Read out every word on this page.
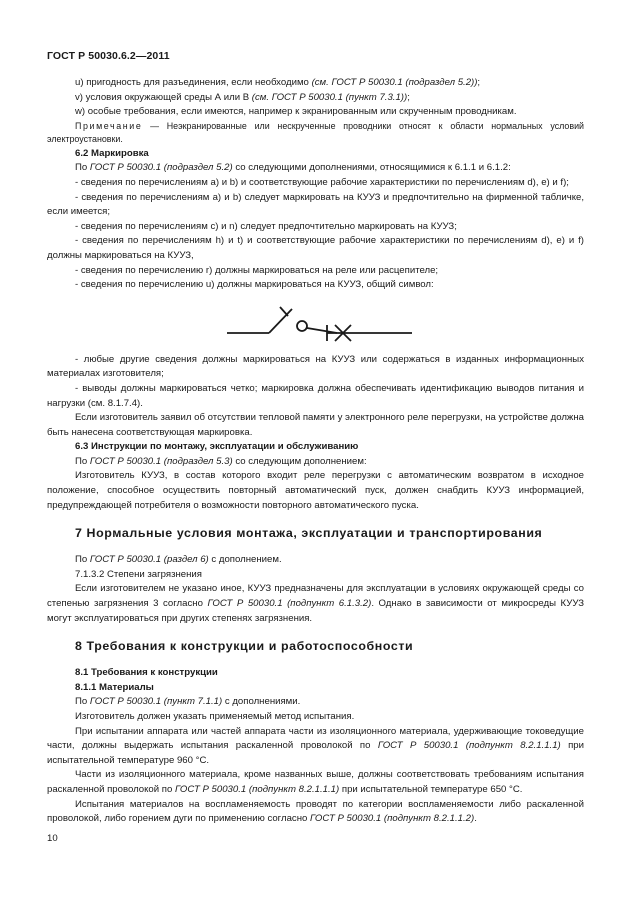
ГОСТ Р 50030.6.2—2011

u) пригодность для разъединения, если необходимо (см. ГОСТ Р 50030.1 (подраздел 5.2));

v) условия окружающей среды А или В (см. ГОСТ Р 50030.1 (пункт 7.3.1));

w) особые требования, если имеются, например к экранированным или скрученным проводникам.

Примечание — Неэкранированные или нескрученные проводники относят к области нормальных условий электроустановки.

6.2 Маркировка

По ГОСТ Р 50030.1 (подраздел 5.2) со следующими дополнениями, относящимися к 6.1.1 и 6.1.2:

- сведения по перечислениям а) и b) и соответствующие рабочие характеристики по перечислениям d), е) и f);

- сведения по перечислениям а) и b) следует маркировать на КУУЗ и предпочтительно на фирменной табличке, если имеется;

- сведения по перечислениям с) и n) следует предпочтительно маркировать на КУУЗ;

- сведения по перечислениям h) и t) и соответствующие рабочие характеристики по перечислениям d), е) и f) должны маркироваться на КУУЗ,

- сведения по перечислению r) должны маркироваться на реле или расцепителе;

- сведения по перечислению u) должны маркироваться на КУУЗ, общий символ:

- любые другие сведения должны маркироваться на КУУЗ или содержаться в изданных информационных материалах изготовителя;

- выводы должны маркироваться четко; маркировка должна обеспечивать идентификацию выводов питания и нагрузки (см. 8.1.7.4).

Если изготовитель заявил об отсутствии тепловой памяти у электронного реле перегрузки, на устройстве должна быть нанесена соответствующая маркировка.

6.3 Инструкции по монтажу, эксплуатации и обслуживанию

По ГОСТ Р 50030.1 (подраздел 5.3) со следующим дополнением:

Изготовитель КУУЗ, в состав которого входит реле перегрузки с автоматическим возвратом в исходное положение, способное осуществить повторный автоматический пуск, должен снабдить КУУЗ информацией, предупреждающей потребителя о возможности повторного автоматического пуска.

7 Нормальные условия монтажа, эксплуатации и транспортирования

По ГОСТ Р 50030.1 (раздел 6) с дополнением.

7.1.3.2 Степени загрязнения

Если изготовителем не указано иное, КУУЗ предназначены для эксплуатации в условиях окружающей среды со степенью загрязнения 3 согласно ГОСТ Р 50030.1 (подпункт 6.1.3.2). Однако в зависимости от микросреды КУУЗ могут эксплуатироваться при других степенях загрязнения.

8 Требования к конструкции и работоспособности

8.1 Требования к конструкции

8.1.1 Материалы

По ГОСТ Р 50030.1 (пункт 7.1.1) с дополнениями.

Изготовитель должен указать применяемый метод испытания.

При испытании аппарата или частей аппарата части из изоляционного материала, удерживающие токоведущие части, должны выдержать испытания раскаленной проволокой по ГОСТ Р 50030.1 (подпункт 8.2.1.1.1) при испытательной температуре 960 °С.

Части из изоляционного материала, кроме названных выше, должны соответствовать требованиям испытания раскаленной проволокой по ГОСТ Р 50030.1 (подпункт 8.2.1.1.1) при испытательной температуре 650 °С.

Испытания материалов на воспламеняемость проводят по категории воспламеняемости либо раскаленной проволокой, либо горением дуги по применению согласно ГОСТ Р 50030.1 (подпункт 8.2.1.1.2).

10
